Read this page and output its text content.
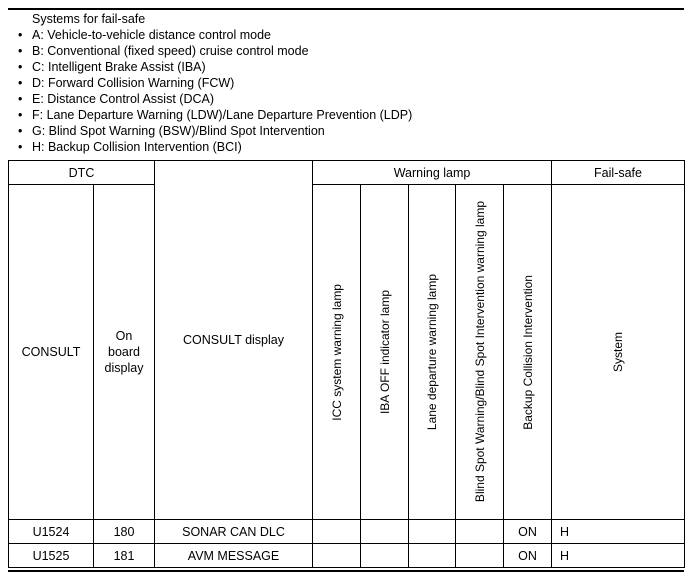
Systems for fail-safe
• A: Vehicle-to-vehicle distance control mode
• B: Conventional (fixed speed) cruise control mode
• C: Intelligent Brake Assist (IBA)
• D: Forward Collision Warning (FCW)
• E: Distance Control Assist (DCA)
• F: Lane Departure Warning (LDW)/Lane Departure Prevention (LDP)
• G: Blind Spot Warning (BSW)/Blind Spot Intervention
• H: Backup Collision Intervention (BCI)
DTC		CONSULT display	Warning lamp					Fail-safe
CONSULT	On
board
display		ICC system warning lamp	IBA OFF indicator lamp	Lane departure warning lamp	Blind Spot Warning/Blind Spot Intervention warning lamp	Backup Collision Intervention	System

U1524	180	SONAR CAN DLC					ON	H
U1525	181	AVM MESSAGE					ON	H
